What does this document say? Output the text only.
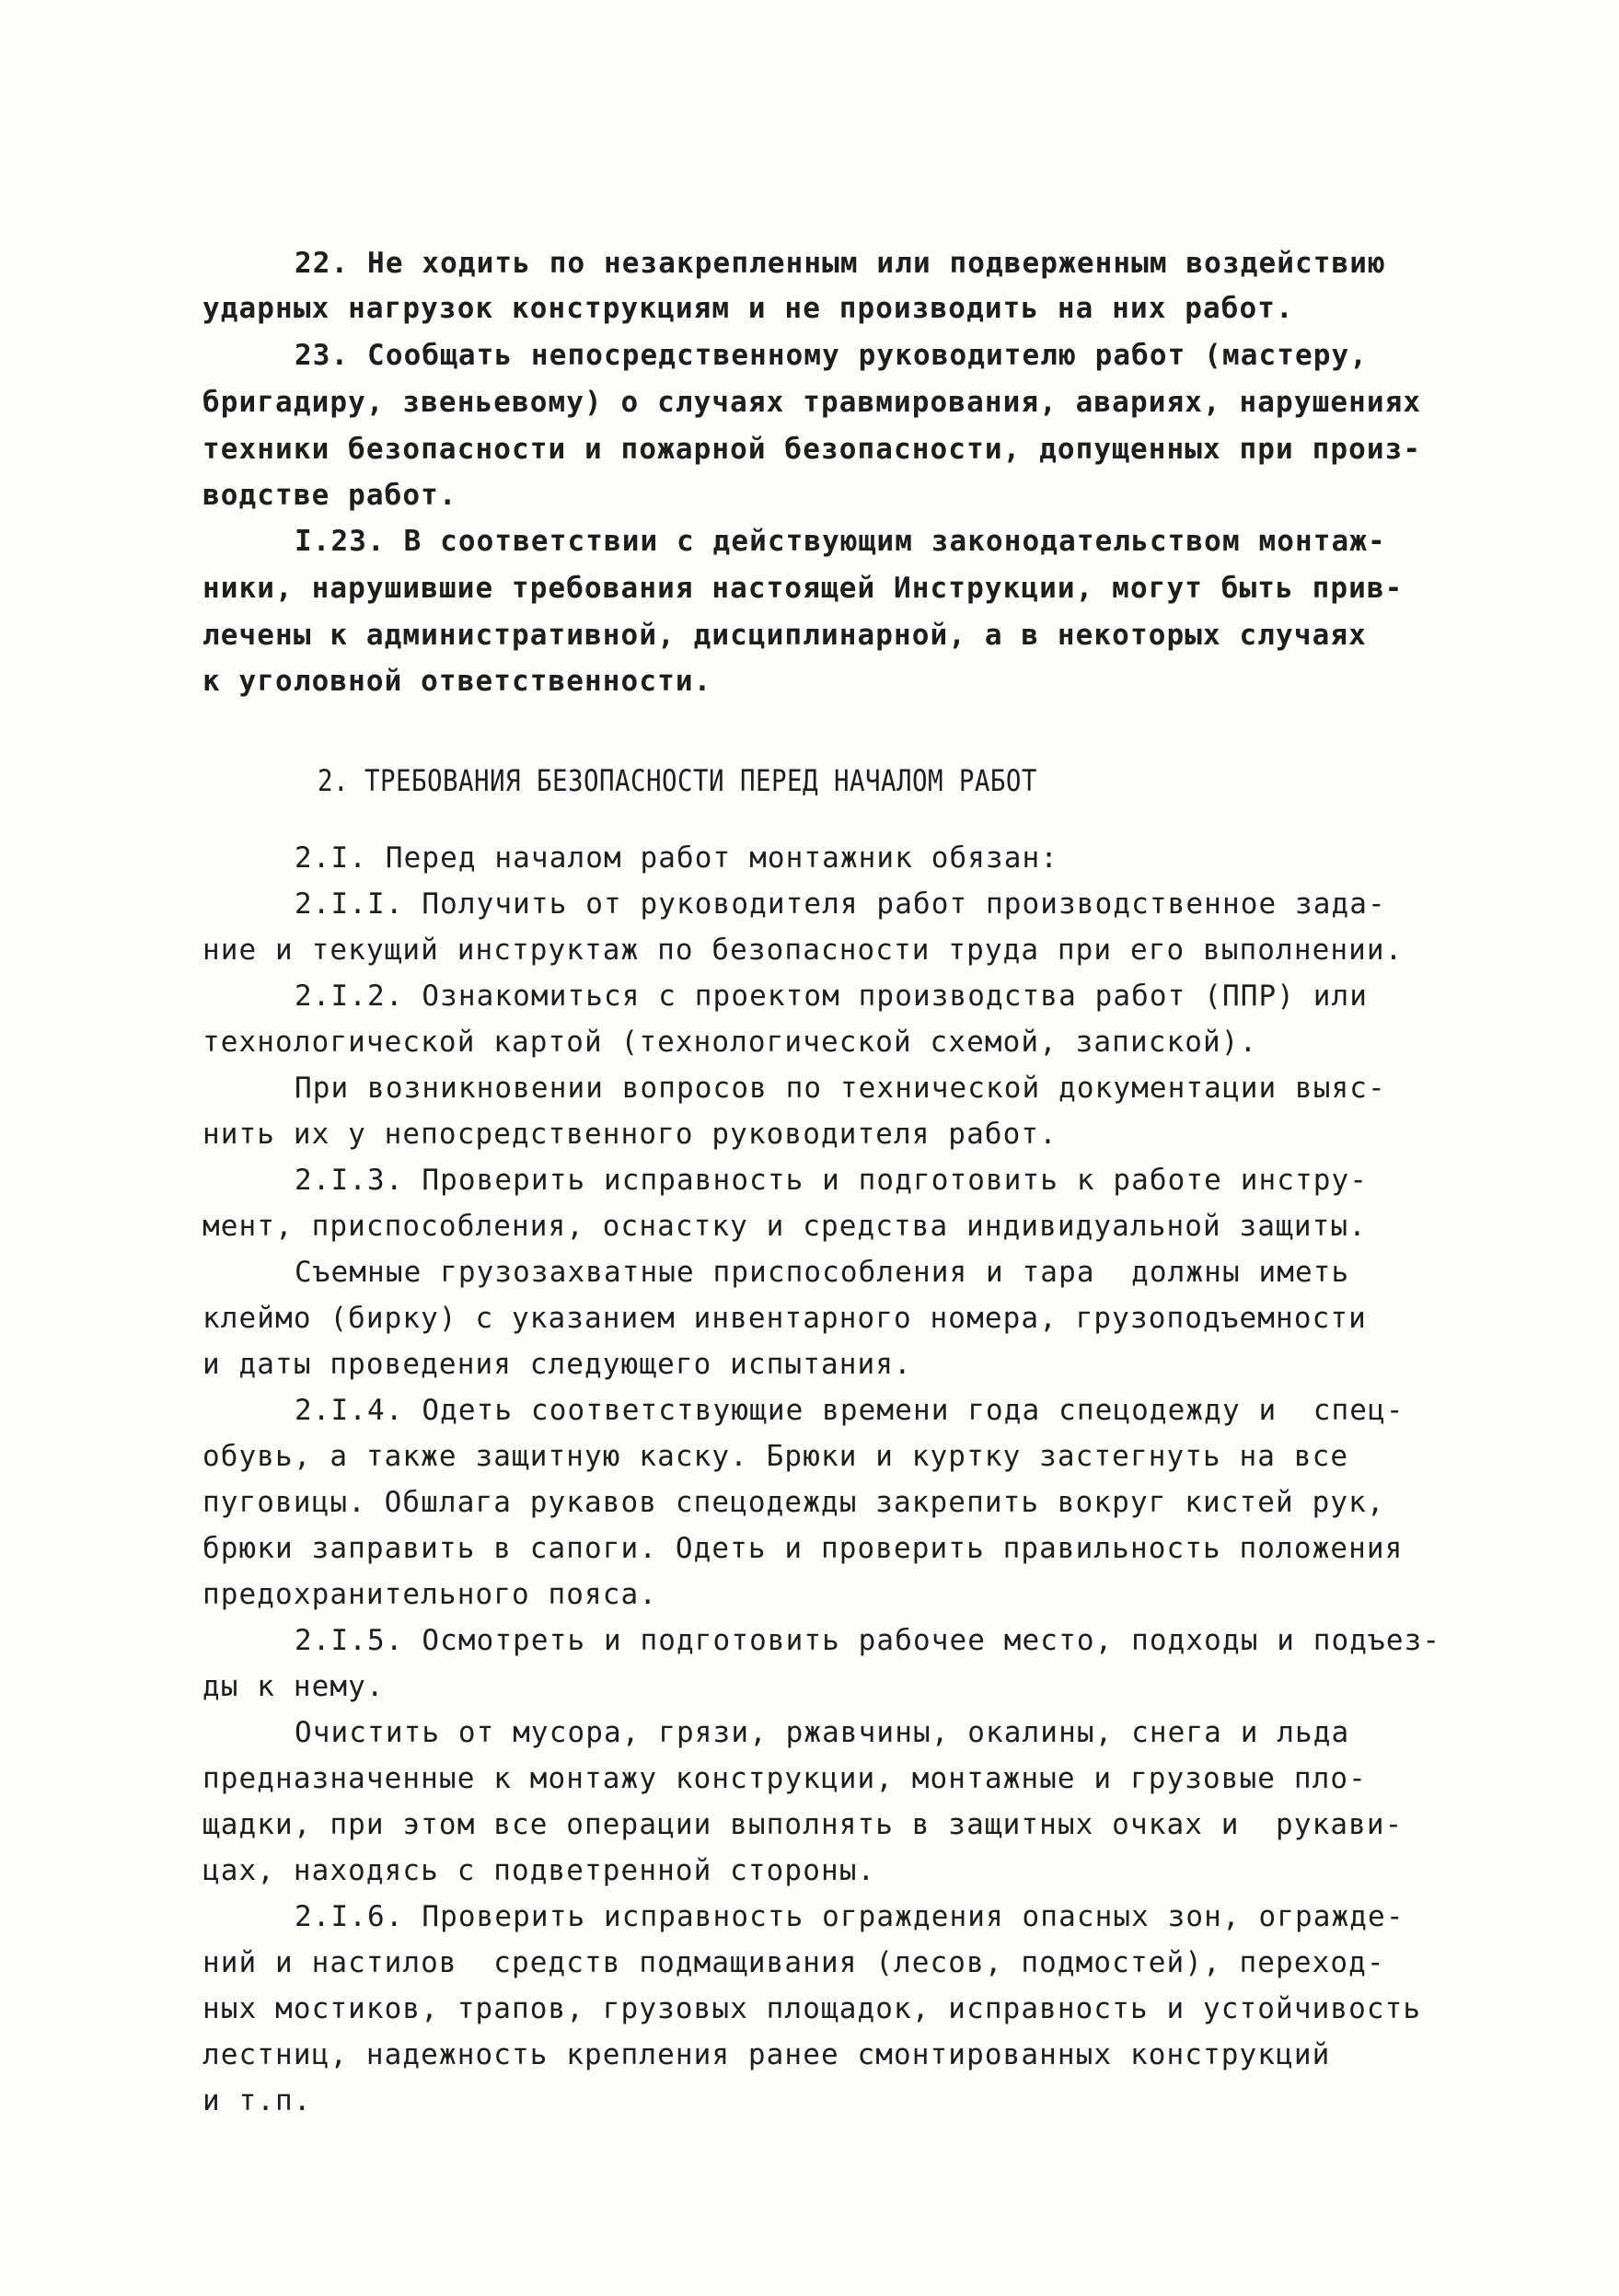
22. Не ходить по незакрепленным или подверженным воздействию
ударных нагрузок конструкциям и не производить на них работ.
23. Сообщать непосредственному руководителю работ (мастеру,
бригадиру, звеньевому) о случаях травмирования, авариях, нарушениях
техники безопасности и пожарной безопасности, допущенных при произ-
водстве работ.
I.23. В соответствии с действующим законодательством монтаж-
ники, нарушившие требования настоящей Инструкции, могут быть прив-
лечены к административной, дисциплинарной, а в некоторых случаях
к уголовной ответственности.
2. ТРЕБОВАНИЯ БЕЗОПАСНОСТИ ПЕРЕД НАЧАЛОМ РАБОТ
2.I. Перед началом работ монтажник обязан:
2.I.I. Получить от руководителя работ производственное зада-
ние и текущий инструктаж по безопасности труда при его выполнении.
2.I.2. Ознакомиться с проектом производства работ (ППР) или
технологической картой (технологической схемой, запиской).
При возникновении вопросов по технической документации выяс-
нить их у непосредственного руководителя работ.
2.I.3. Проверить исправность и подготовить к работе инстру-
мент, приспособления, оснастку и средства индивидуальной защиты.
Съемные грузозахватные приспособления и тара  должны иметь
клеймо (бирку) с указанием инвентарного номера, грузоподъемности
и даты проведения следующего испытания.
2.I.4. Одеть соответствующие времени года спецодежду и  спец-
обувь, а также защитную каску. Брюки и куртку застегнуть на все
пуговицы. Обшлага рукавов спецодежды закрепить вокруг кистей рук,
брюки заправить в сапоги. Одеть и проверить правильность положения
предохранительного пояса.
2.I.5. Осмотреть и подготовить рабочее место, подходы и подъез-
ды к нему.
Очистить от мусора, грязи, ржавчины, окалины, снега и льда
предназначенные к монтажу конструкции, монтажные и грузовые пло-
щадки, при этом все операции выполнять в защитных очках и  рукави-
цах, находясь с подветренной стороны.
2.I.6. Проверить исправность ограждения опасных зон, огражде-
ний и настилов  средств подмащивания (лесов, подмостей), переход-
ных мостиков, трапов, грузовых площадок, исправность и устойчивость
лестниц, надежность крепления ранее смонтированных конструкций
и т.п.
